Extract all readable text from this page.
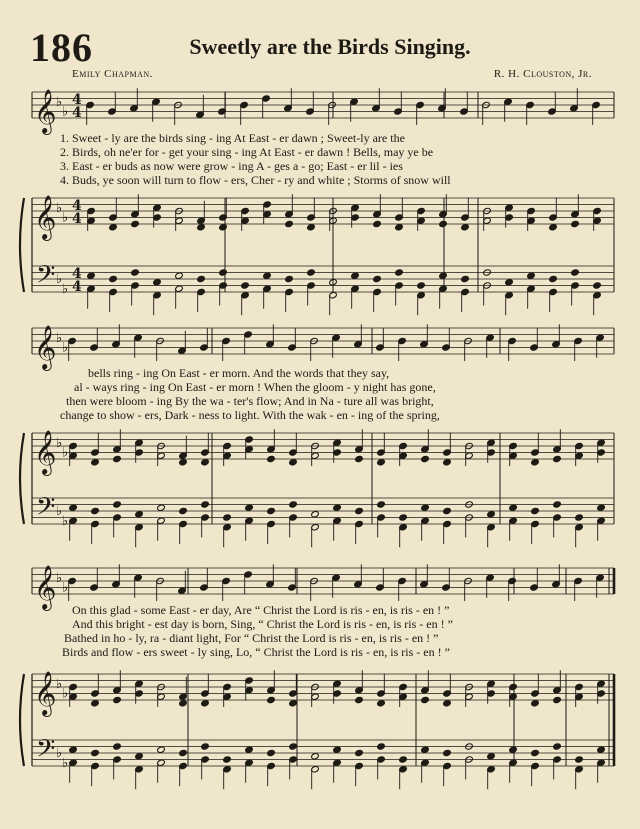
186	Sweetly are the Birds Singing.
Emily Chapman.	R. H. Clouston, Jr.
𝄞 ♭
♭
4
4
𝄞
𝄢
♭
♭
♭
♭
4
4
4
4
𝄞 ♭
♭
𝄞
𝄢
♭
♭
♭
♭
𝄞 ♭
♭
𝄞
𝄢
♭
♭
♭
♭
1. Sweet - ly are the birds sing - ing At East - er dawn ; Sweet-ly are the
2. Birds, oh ne'er for - get your sing - ing At East - er dawn ! Bells, may ye be
3. East - er buds as now were grow - ing A - ges a - go; East - er lil - ies
4. Buds, ye soon will turn to flow - ers, Cher - ry and white ; Storms of snow will
bells ring - ing On East - er morn. And the words that they say,
al - ways ring - ing On East - er morn ! When the gloom - y night has gone,
then were bloom - ing By the wa - ter's flow; And in Na - ture all was bright,
change to show - ers, Dark - ness to light. With the wak - en - ing of the spring,
On this glad - some East - er day, Are “ Christ the Lord is ris - en, is ris - en ! ”
And this bright - est day is born, Sing, “ Christ the Lord is ris - en, is ris - en ! ”
Bathed in ho - ly, ra - diant light, For “ Christ the Lord is ris - en, is ris - en ! ”
Birds and flow - ers sweet - ly sing, Lo, “ Christ the Lord is ris - en, is ris - en ! ”
